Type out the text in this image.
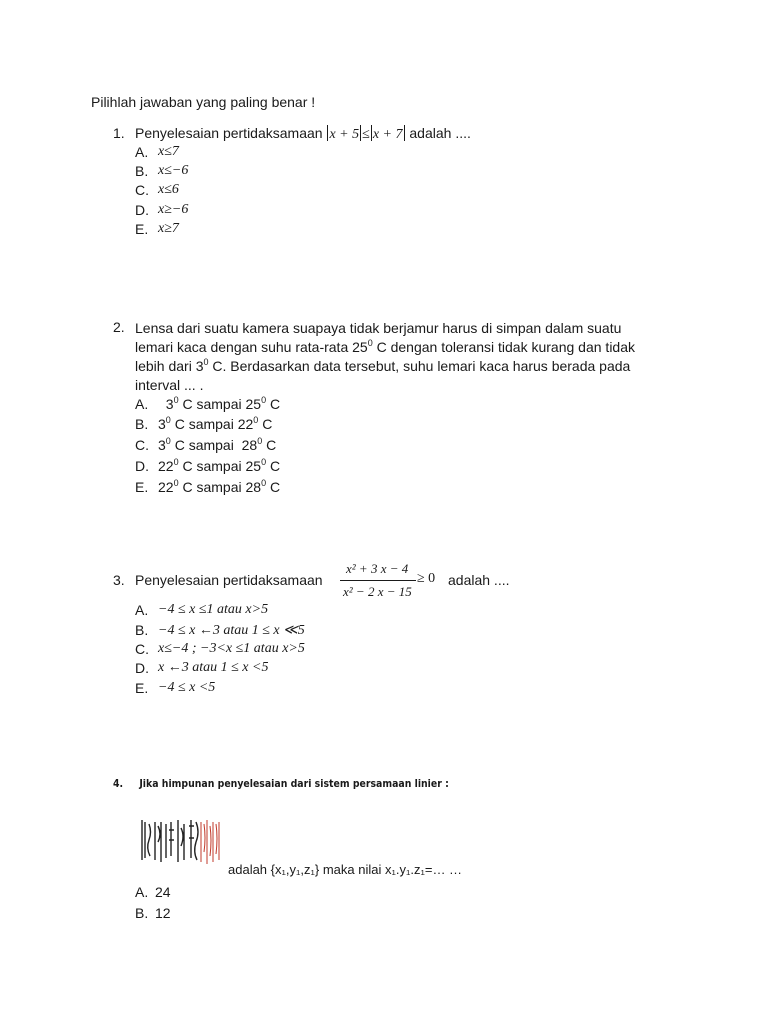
Pilihlah jawaban yang paling benar !
1. Penyelesaian pertidaksamaan x + 5 ≤ x + 7 adalah ....
A. x≤7
B. x≤−6
C. x≤6
D. x≥−6
E. x≥7
2. Lensa dari suatu kamera suapaya tidak berjamur harus di simpan dalam suatu
lemari kaca dengan suhu rata-rata $25^0$ C dengan toleransi tidak kurang dan tidak
lebih dari $3^0$ C. Berdasarkan data tersebut, suhu lemari kaca harus berada pada
interval ... .
A. $3^0$ C sampai $25^0$ C
B. $3^0$ C sampai $22^0$ C
C. $3^0$ C sampai  $28^0$ C
D. $22^0$ C sampai $25^0$ C
E. $22^0$ C sampai $28^0$ C
3. Penyelesaian pertidaksamaan
x² + 3 x − 4
x² − 2 x − 15
≥ 0 adalah ....
A. −4 ≤ x ≤1 atau x>5
B. −4 ≤ x ←3 atau 1 ≤ x ≪5
C. x≤−4 ; −3<x ≤1 atau x>5
D. x ←3 atau 1 ≤ x <5
E. −4 ≤ x <5
4.     Jika himpunan penyelesaian dari sistem persamaan linier :
adalah {x₁,y₁,z₁} maka nilai x₁.y₁.z₁=… …
A. 24
B. 12
